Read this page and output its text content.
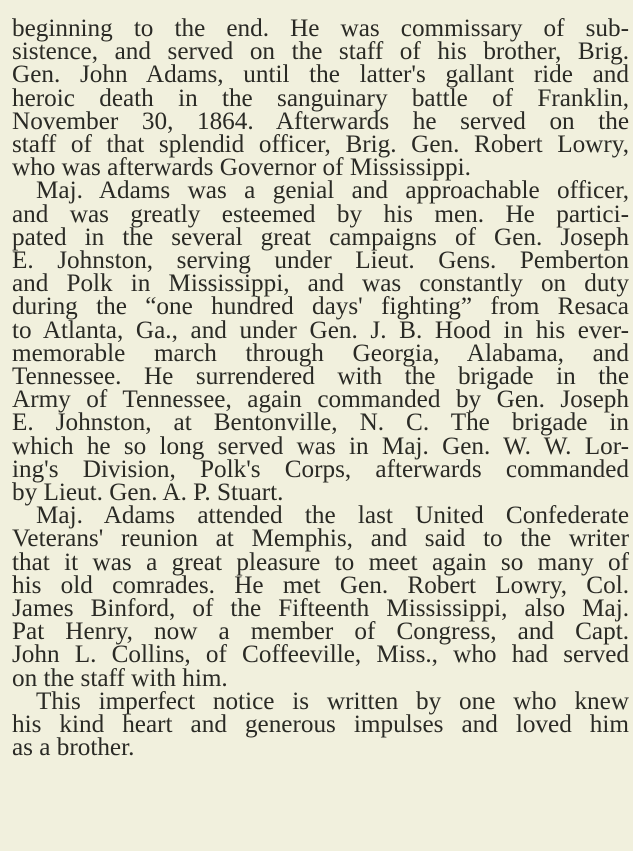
beginning to the end. He was commissary of sub-
sistence, and served on the staff of his brother, Brig.
Gen. John Adams, until the latter's gallant ride and
heroic death in the sanguinary battle of Franklin,
November 30, 1864. Afterwards he served on the
staff of that splendid officer, Brig. Gen. Robert Lowry,
who was afterwards Governor of Mississippi.
Maj. Adams was a genial and approachable officer,
and was greatly esteemed by his men. He partici-
pated in the several great campaigns of Gen. Joseph
E. Johnston, serving under Lieut. Gens. Pemberton
and Polk in Mississippi, and was constantly on duty
during the “one hundred days' fighting” from Resaca
to Atlanta, Ga., and under Gen. J. B. Hood in his ever-
memorable march through Georgia, Alabama, and
Tennessee. He surrendered with the brigade in the
Army of Tennessee, again commanded by Gen. Joseph
E. Johnston, at Bentonville, N. C. The brigade in
which he so long served was in Maj. Gen. W. W. Lor-
ing's Division, Polk's Corps, afterwards commanded
by Lieut. Gen. A. P. Stuart.
Maj. Adams attended the last United Confederate
Veterans' reunion at Memphis, and said to the writer
that it was a great pleasure to meet again so many of
his old comrades. He met Gen. Robert Lowry, Col.
James Binford, of the Fifteenth Mississippi, also Maj.
Pat Henry, now a member of Congress, and Capt.
John L. Collins, of Coffeeville, Miss., who had served
on the staff with him.
This imperfect notice is written by one who knew
his kind heart and generous impulses and loved him
as a brother.
